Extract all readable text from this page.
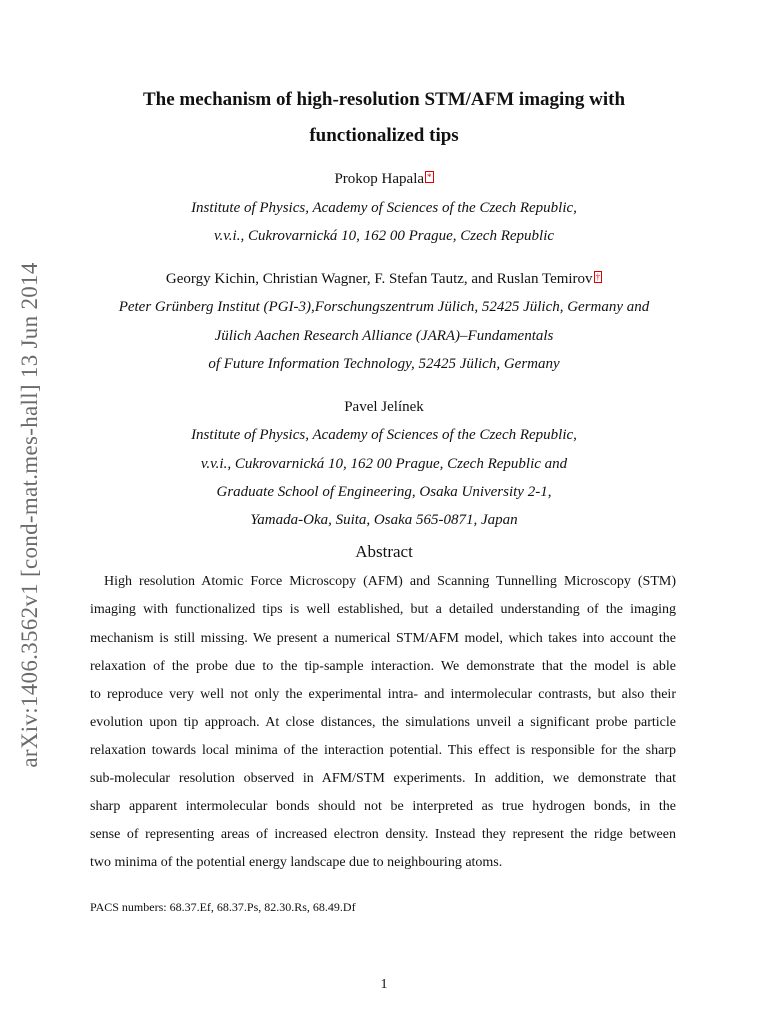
arXiv:1406.3562v1 [cond-mat.mes-hall] 13 Jun 2014
The mechanism of high-resolution STM/AFM imaging with
functionalized tips
Prokop Hapala *
Institute of Physics, Academy of Sciences of the Czech Republic,
v.v.i., Cukrovarnická 10, 162 00 Prague, Czech Republic
Georgy Kichin, Christian Wagner, F. Stefan Tautz, and Ruslan Temirov †
Peter Grünberg Institut (PGI-3),Forschungszentrum Jülich, 52425 Jülich, Germany and
Jülich Aachen Research Alliance (JARA)–Fundamentals
of Future Information Technology, 52425 Jülich, Germany
Pavel Jelínek
Institute of Physics, Academy of Sciences of the Czech Republic,
v.v.i., Cukrovarnická 10, 162 00 Prague, Czech Republic and
Graduate School of Engineering, Osaka University 2-1,
Yamada-Oka, Suita, Osaka 565-0871, Japan
Abstract
High resolution Atomic Force Microscopy (AFM) and Scanning Tunnelling Microscopy (STM)
imaging with functionalized tips is well established, but a detailed understanding of the imaging
mechanism is still missing. We present a numerical STM/AFM model, which takes into account the
relaxation of the probe due to the tip-sample interaction. We demonstrate that the model is able
to reproduce very well not only the experimental intra- and intermolecular contrasts, but also their
evolution upon tip approach. At close distances, the simulations unveil a significant probe particle
relaxation towards local minima of the interaction potential. This effect is responsible for the sharp
sub-molecular resolution observed in AFM/STM experiments. In addition, we demonstrate that
sharp apparent intermolecular bonds should not be interpreted as true hydrogen bonds, in the
sense of representing areas of increased electron density. Instead they represent the ridge between
two minima of the potential energy landscape due to neighbouring atoms.
PACS numbers: 68.37.Ef, 68.37.Ps, 82.30.Rs, 68.49.Df
1
